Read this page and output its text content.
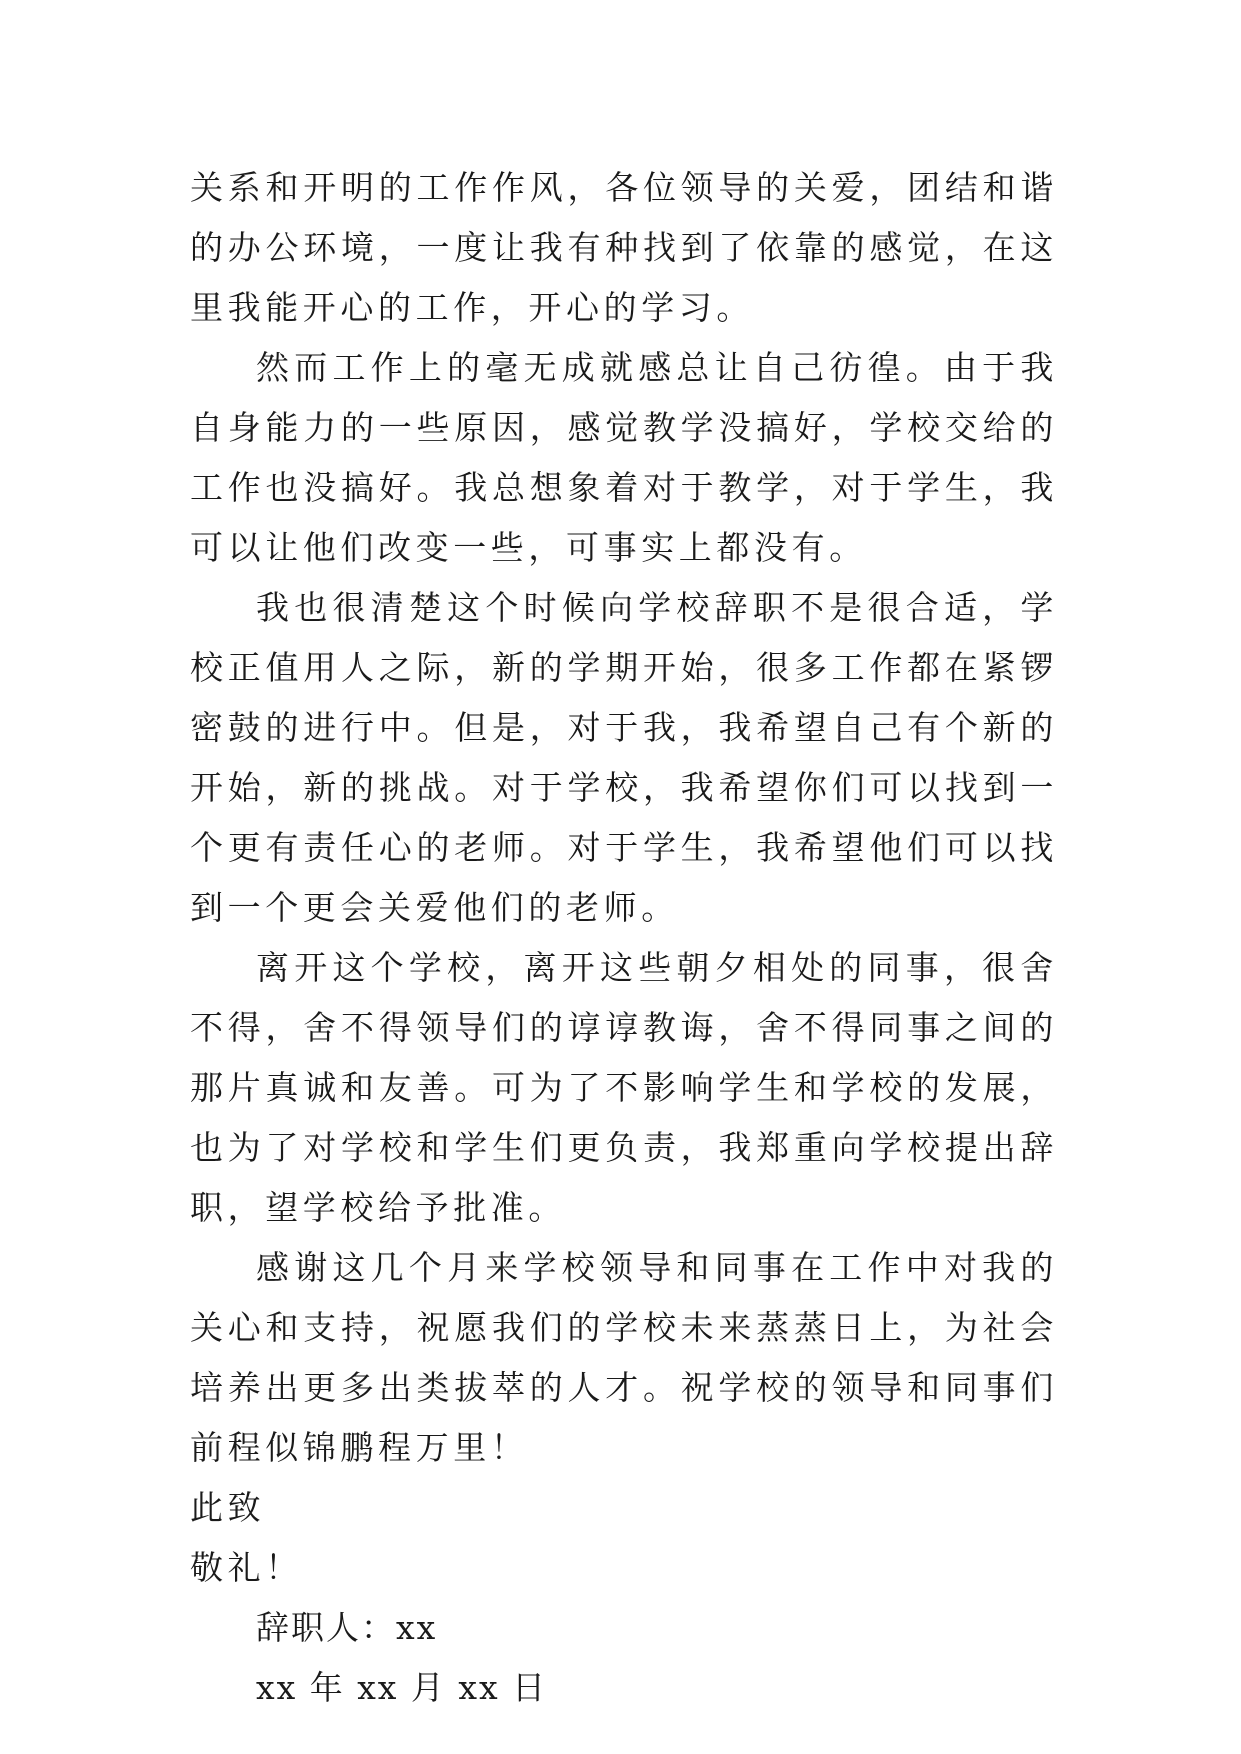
关系和开明的工作作风，各位领导的关爱，团结和谐的办公环境，一度让我有种找到了依靠的感觉，在这里我能开心的工作，开心的学习。

然而工作上的毫无成就感总让自己彷徨。由于我自身能力的一些原因，感觉教学没搞好，学校交给的工作也没搞好。我总想象着对于教学，对于学生，我可以让他们改变一些，可事实上都没有。

我也很清楚这个时候向学校辞职不是很合适，学校正值用人之际，新的学期开始，很多工作都在紧锣密鼓的进行中。但是，对于我，我希望自己有个新的开始，新的挑战。对于学校，我希望你们可以找到一个更有责任心的老师。对于学生，我希望他们可以找到一个更会关爱他们的老师。

离开这个学校，离开这些朝夕相处的同事，很舍不得，舍不得领导们的谆谆教诲，舍不得同事之间的那片真诚和友善。可为了不影响学生和学校的发展，也为了对学校和学生们更负责，我郑重向学校提出辞职，望学校给予批准。

感谢这几个月来学校领导和同事在工作中对我的关心和支持，祝愿我们的学校未来蒸蒸日上，为社会培养出更多出类拔萃的人才。祝学校的领导和同事们前程似锦鹏程万里！

此致

敬礼！

辞职人：xx

xx 年 xx 月 xx 日
